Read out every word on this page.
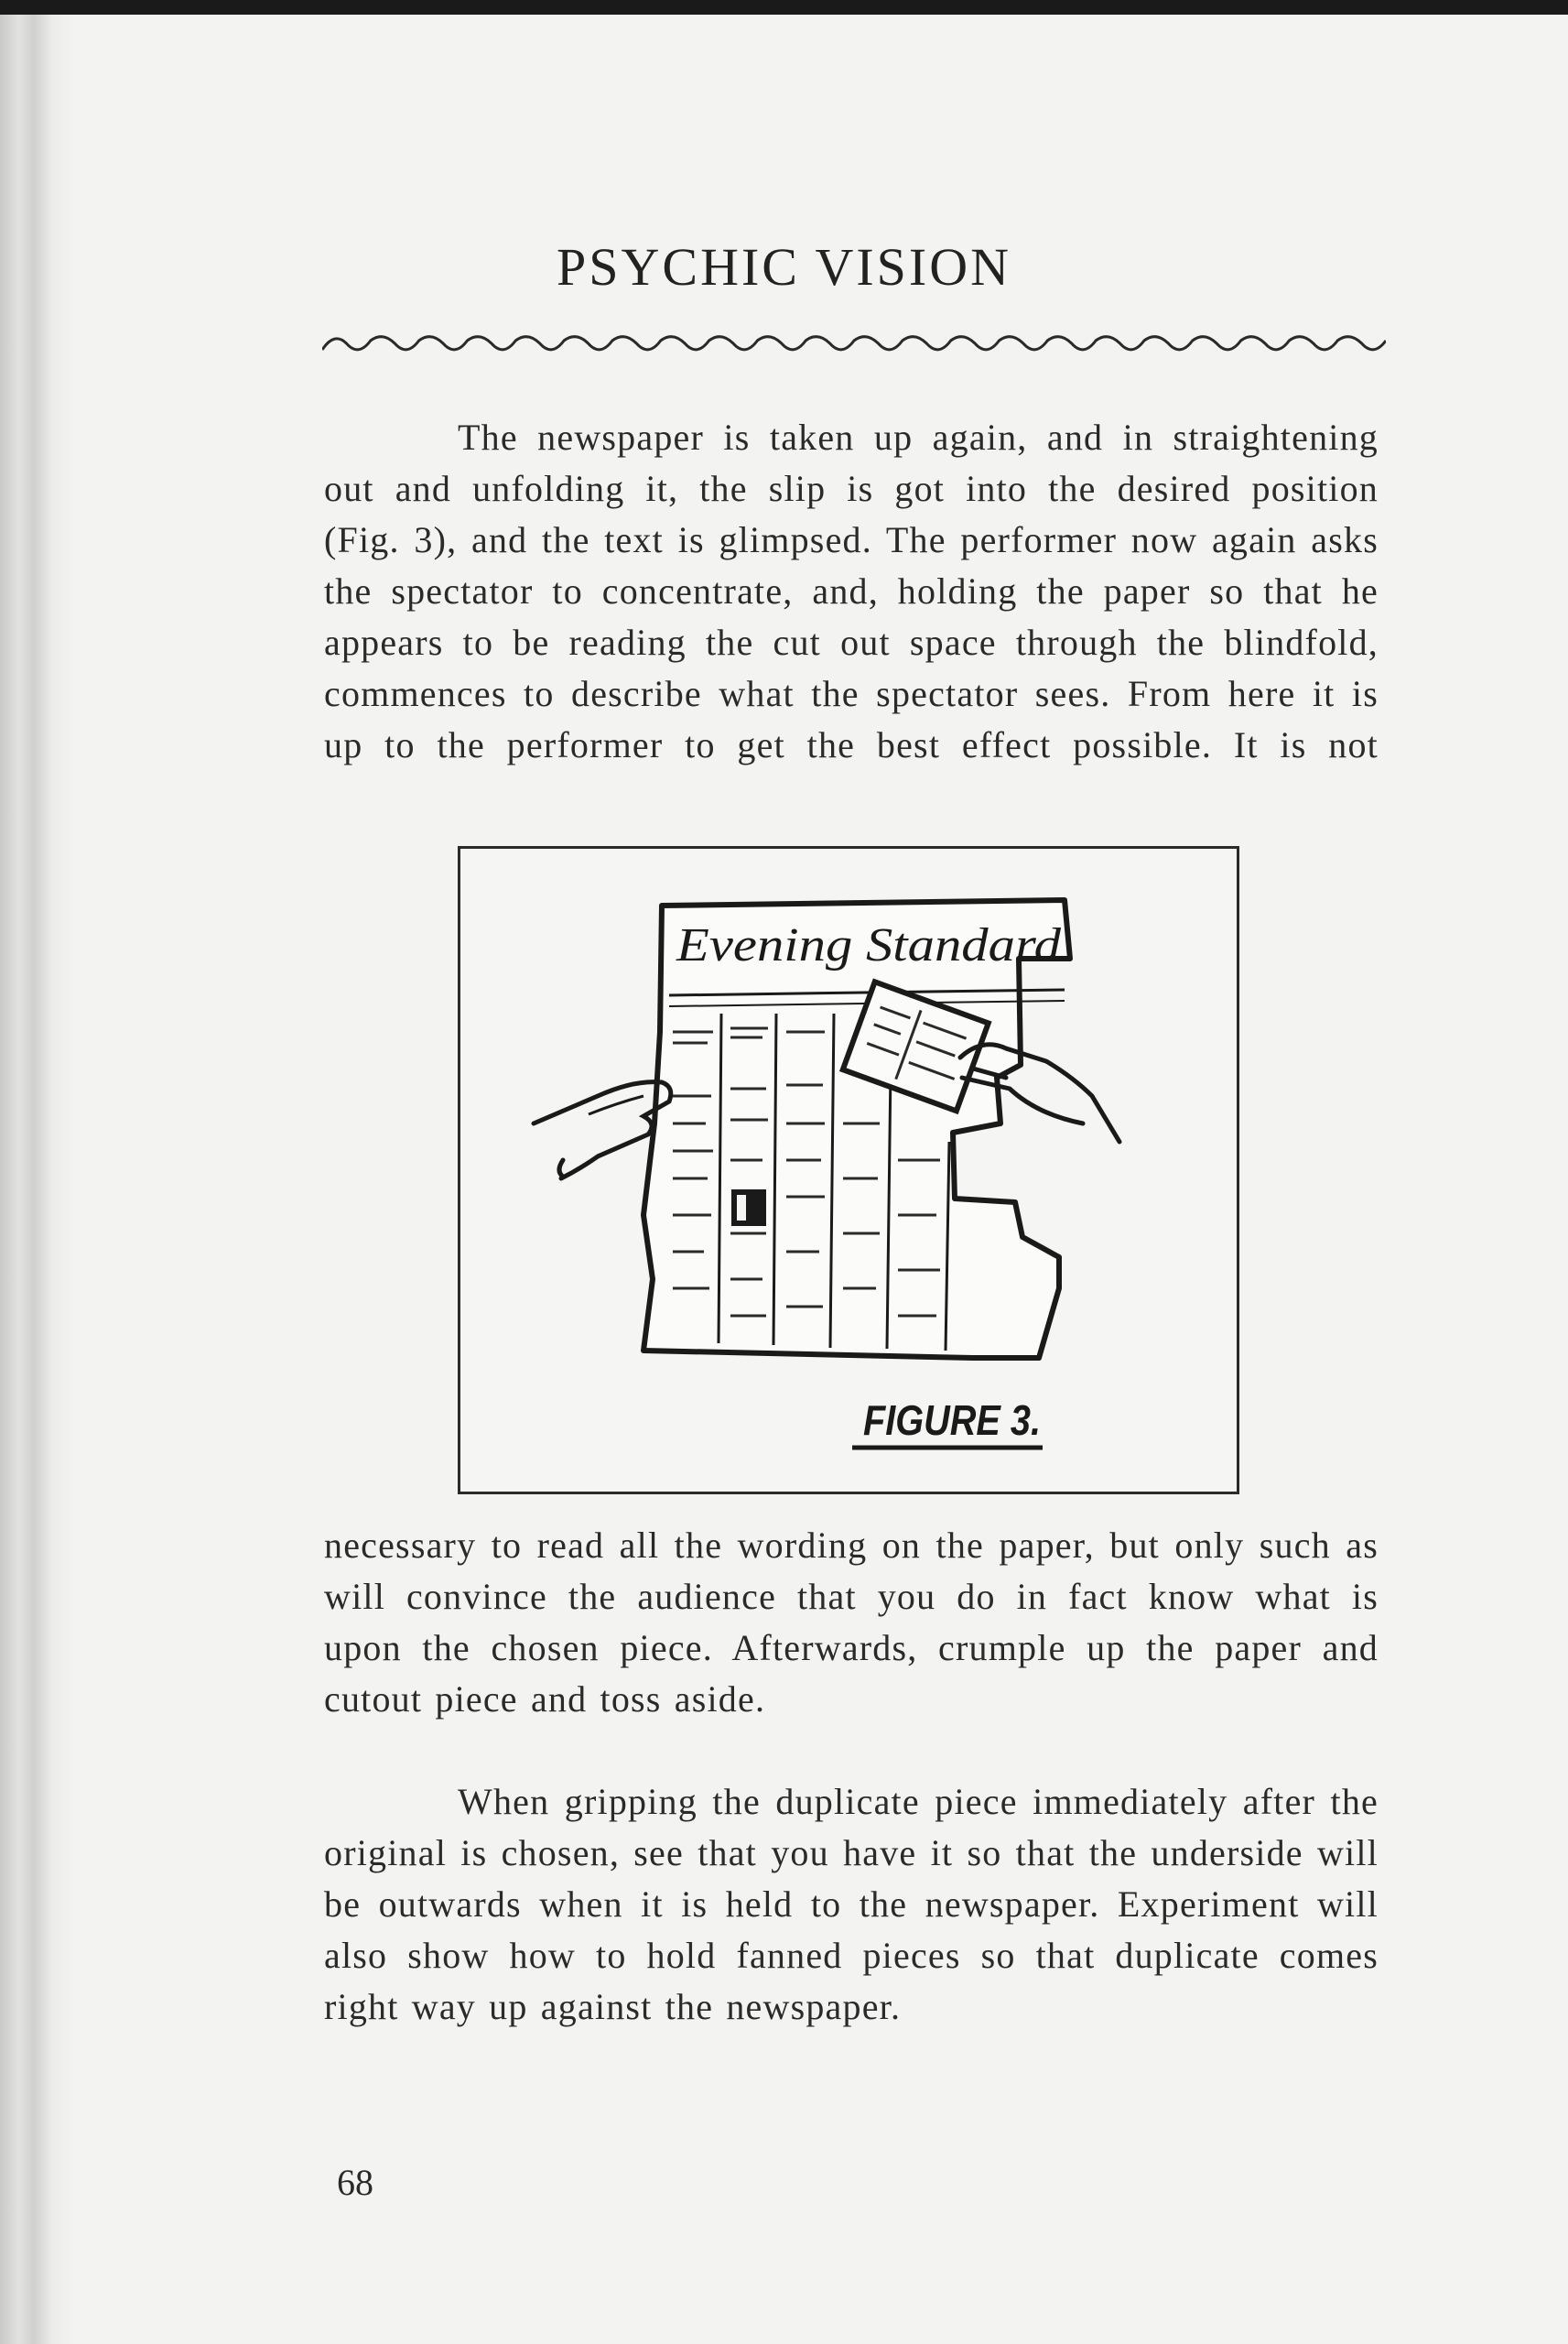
PSYCHIC VISION

The newspaper is taken up again, and in straightening out and unfolding it, the slip is got into the desired position (Fig. 3), and the text is glimpsed. The performer now again asks the spectator to concentrate, and, holding the paper so that he appears to be reading the cut out space through the blindfold, commences to describe what the spectator sees. From here it is up to the performer to get the best effect possible. It is not

Evening Standard
FIGURE 3.

necessary to read all the wording on the paper, but only such as will convince the audience that you do in fact know what is upon the chosen piece. Afterwards, crumple up the paper and cutout piece and toss aside.

When gripping the duplicate piece immediately after the original is chosen, see that you have it so that the underside will be outwards when it is held to the newspaper. Experiment will also show how to hold fanned pieces so that duplicate comes right way up against the newspaper.

68
